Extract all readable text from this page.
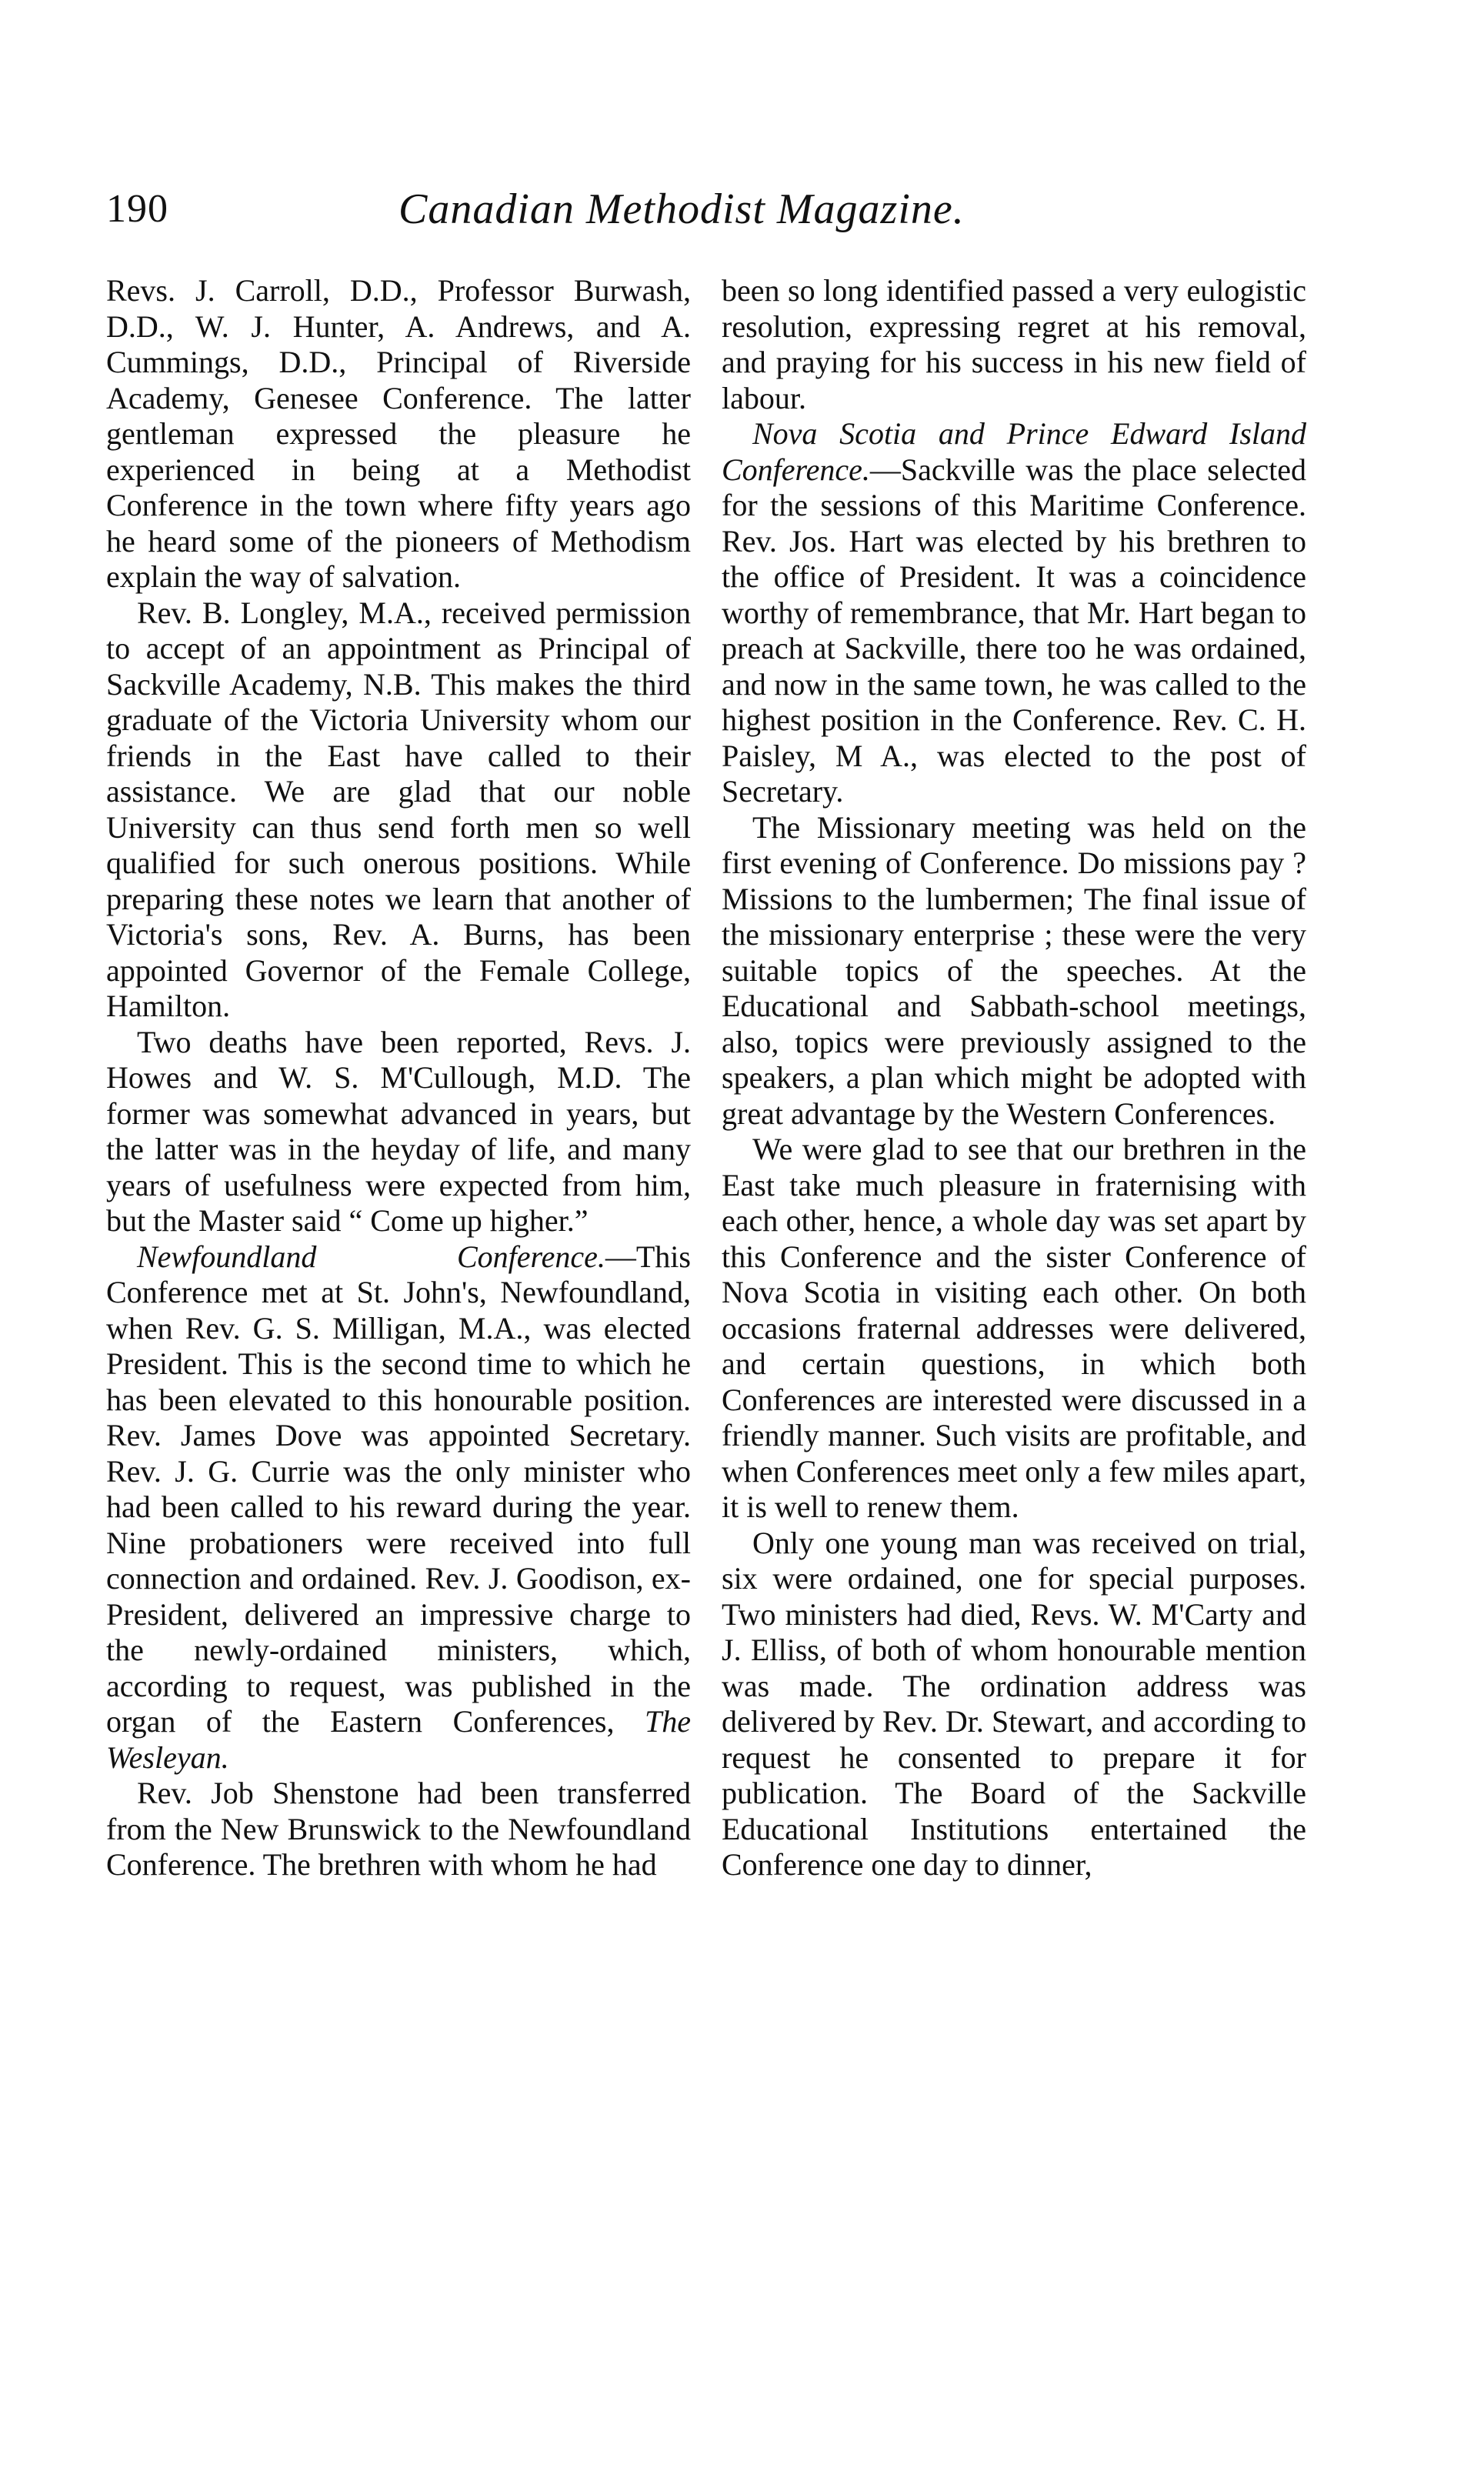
190	Canadian Methodist Magazine.

Revs. J. Carroll, D.D., Professor Burwash, D.D., W. J. Hunter, A. Andrews, and A. Cummings, D.D., Principal of Riverside Academy, Genesee Conference. The latter gentleman expressed the pleasure he experienced in being at a Methodist Conference in the town where fifty years ago he heard some of the pioneers of Methodism explain the way of salvation.

Rev. B. Longley, M.A., received permission to accept of an appointment as Principal of Sackville Academy, N.B. This makes the third graduate of the Victoria University whom our friends in the East have called to their assistance. We are glad that our noble University can thus send forth men so well qualified for such onerous positions. While preparing these notes we learn that another of Victoria's sons, Rev. A. Burns, has been appointed Governor of the Female College, Hamilton.

Two deaths have been reported, Revs. J. Howes and W. S. M'Cullough, M.D. The former was somewhat advanced in years, but the latter was in the heyday of life, and many years of usefulness were expected from him, but the Master said “ Come up higher.”

Newfoundland Conference.—This Conference met at St. John's, Newfoundland, when Rev. G. S. Milligan, M.A., was elected President. This is the second time to which he has been elevated to this honourable position. Rev. James Dove was appointed Secretary. Rev. J. G. Currie was the only minister who had been called to his reward during the year. Nine probationers were received into full connection and ordained. Rev. J. Goodison, ex-President, delivered an impressive charge to the newly-ordained ministers, which, according to request, was published in the organ of the Eastern Conferences, The Wesleyan.

Rev. Job Shenstone had been transferred from the New Brunswick to the Newfoundland Conference. The brethren with whom he had

been so long identified passed a very eulogistic resolution, expressing regret at his removal, and praying for his success in his new field of labour.

Nova Scotia and Prince Edward Island Conference.—Sackville was the place selected for the sessions of this Maritime Conference. Rev. Jos. Hart was elected by his brethren to the office of President. It was a coincidence worthy of remembrance, that Mr. Hart began to preach at Sackville, there too he was ordained, and now in the same town, he was called to the highest position in the Conference. Rev. C. H. Paisley, M A., was elected to the post of Secretary.

The Missionary meeting was held on the first evening of Conference. Do missions pay ? Missions to the lumbermen; The final issue of the missionary enterprise ; these were the very suitable topics of the speeches. At the Educational and Sabbath-school meetings, also, topics were previously assigned to the speakers, a plan which might be adopted with great advantage by the Western Conferences.

We were glad to see that our brethren in the East take much pleasure in fraternising with each other, hence, a whole day was set apart by this Conference and the sister Conference of Nova Scotia in visiting each other. On both occasions fraternal addresses were delivered, and certain questions, in which both Conferences are interested were discussed in a friendly manner. Such visits are profitable, and when Conferences meet only a few miles apart, it is well to renew them.

Only one young man was received on trial, six were ordained, one for special purposes. Two ministers had died, Revs. W. M'Carty and J. Elliss, of both of whom honourable mention was made. The ordination address was delivered by Rev. Dr. Stewart, and according to request he consented to prepare it for publication. The Board of the Sackville Educational Institutions entertained the Conference one day to dinner,
